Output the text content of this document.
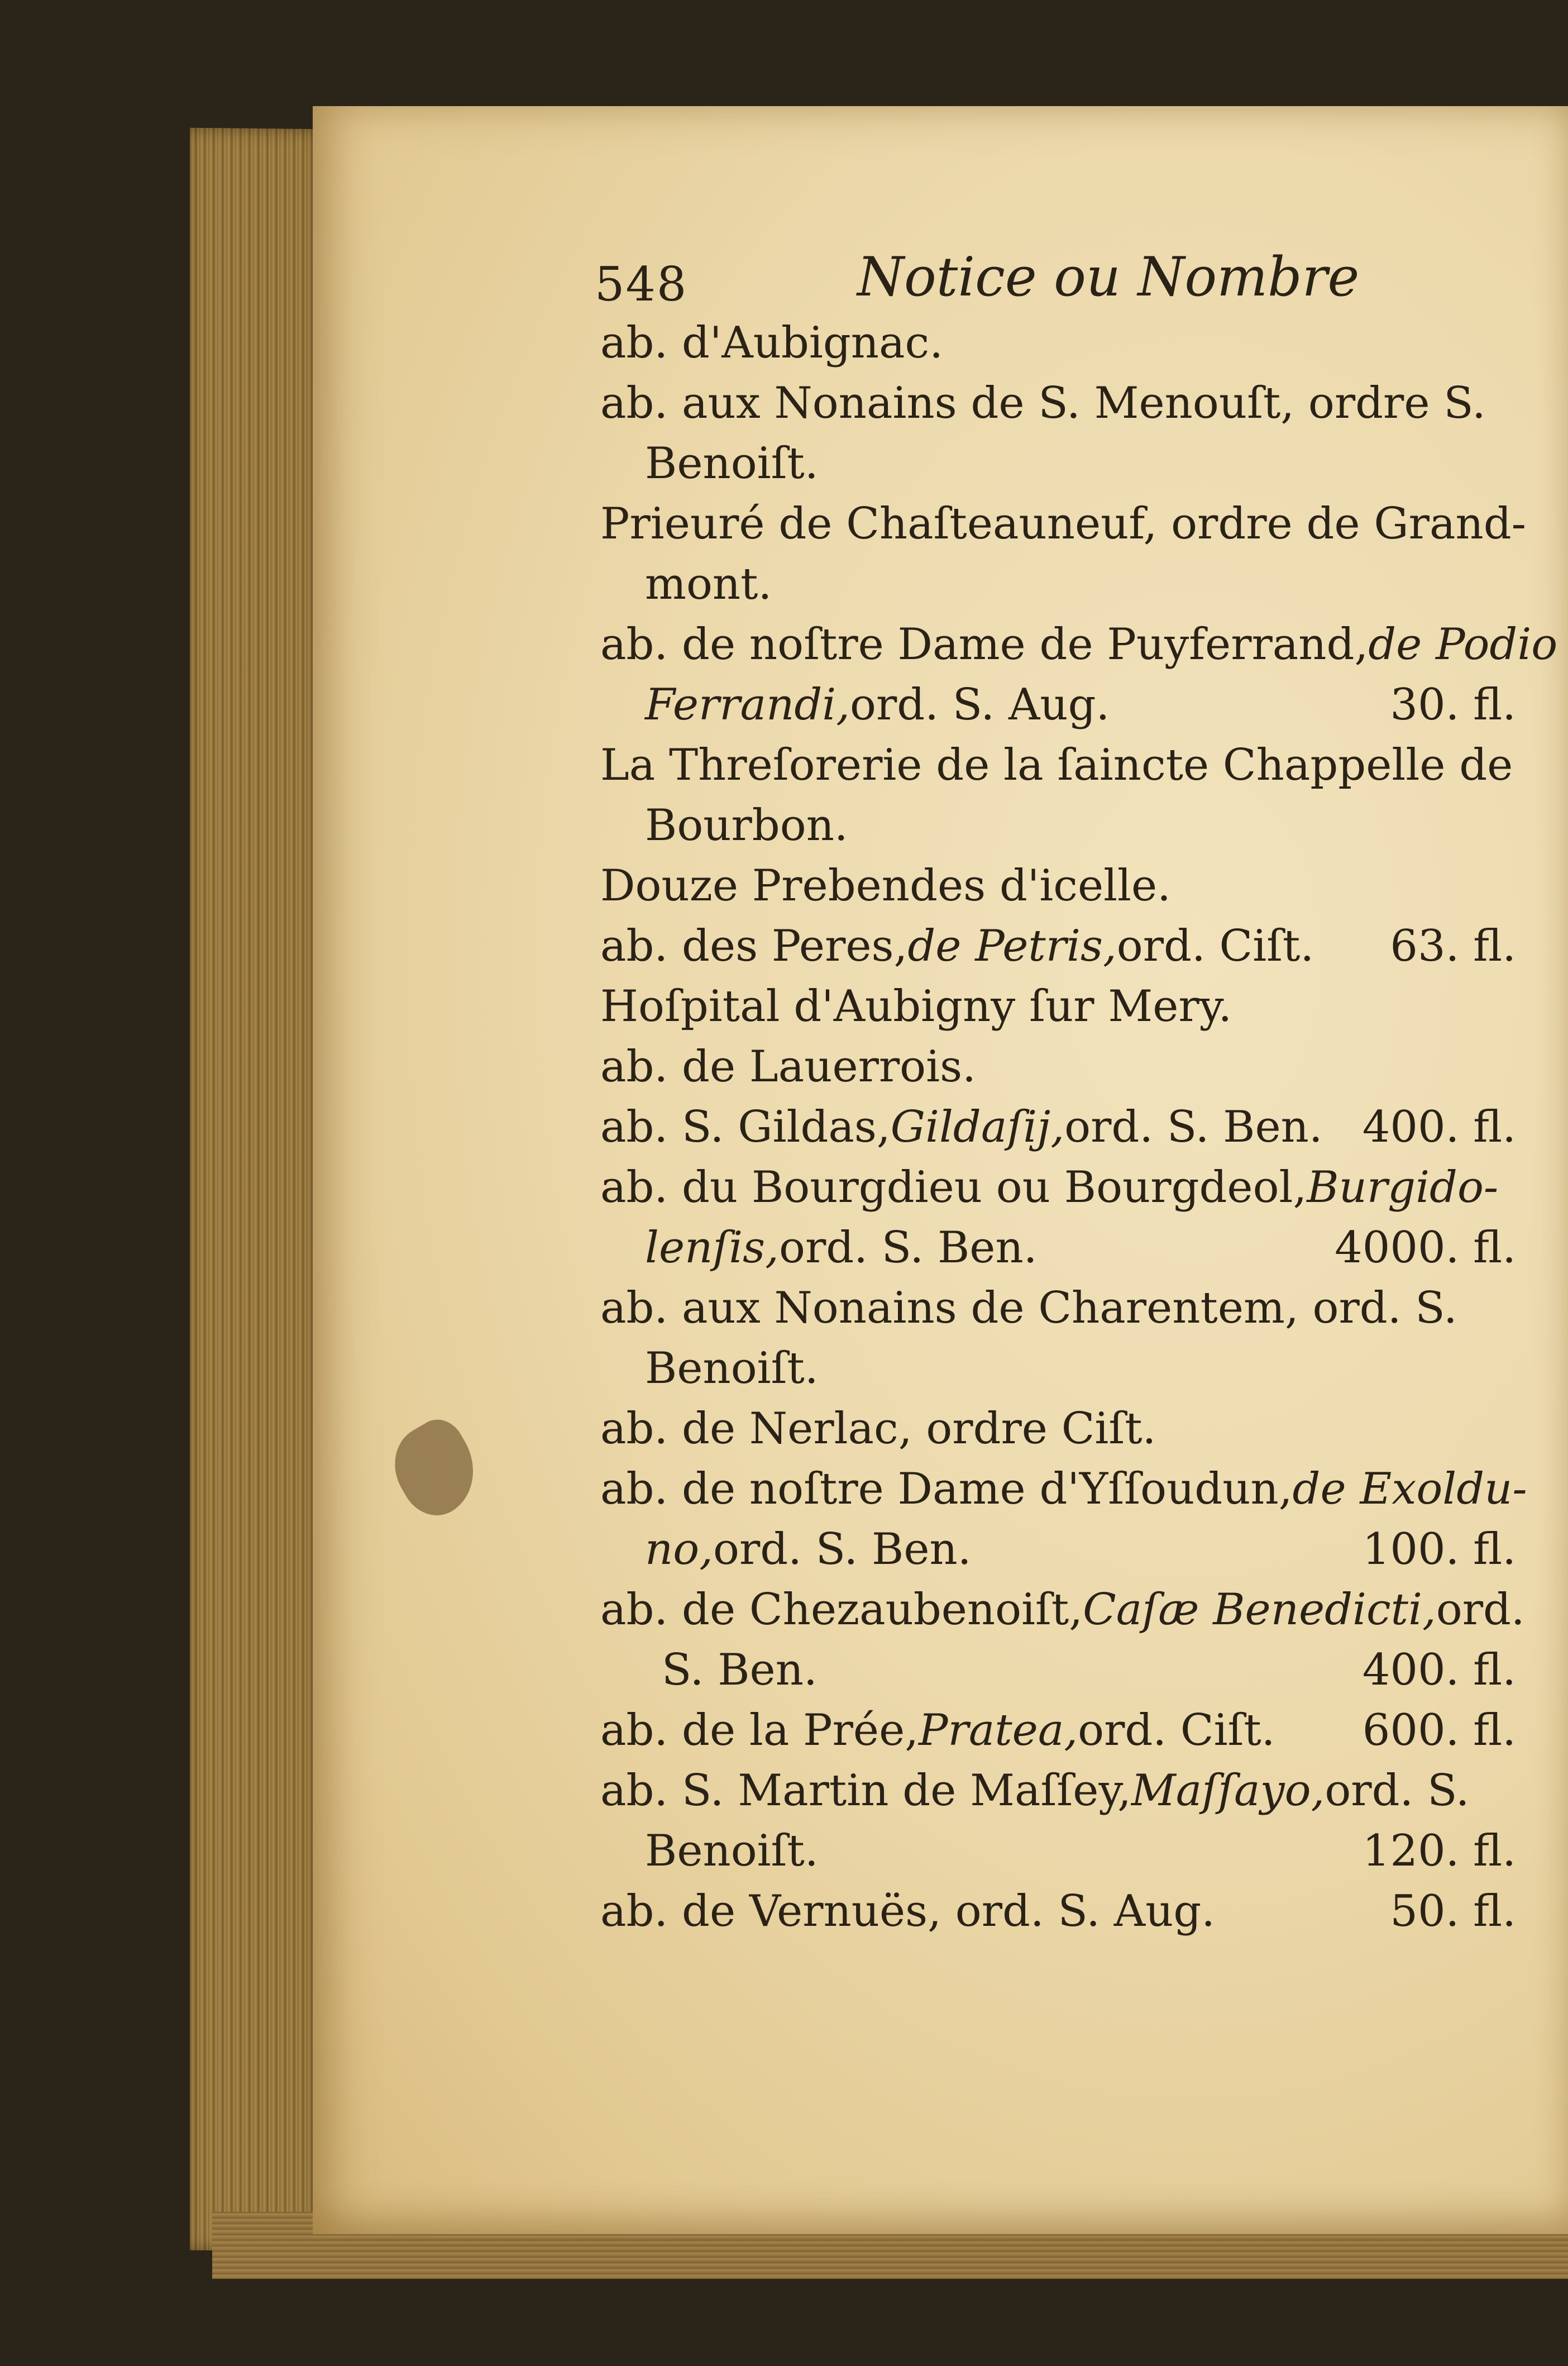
548	Notice ou Nombre
ab. d'Aubignac.
ab. aux Nonains de S. Menouſt, ordre S.
Benoiſt.
Prieuré de Chaſteauneuf, ordre de Grand-
mont.
ab. de noſtre Dame de Puyferrand, de Podio
Ferrandi, ord. S. Aug.	30. fl.
La Threſorerie de la ſaincte Chappelle de
Bourbon.
Douze Prebendes d'icelle.
ab. des Peres, de Petris, ord. Ciſt. 63. fl.
Hoſpital d'Aubigny ſur Mery.
ab. de Lauerrois.
ab. S. Gildas, Gildaſij, ord. S. Ben. 400. fl.
ab. du Bourgdieu ou Bourgdeol, Burgido-
lenſis, ord. S. Ben.	4000. fl.
ab. aux Nonains de Charentem, ord. S.
Benoiſt.
ab. de Nerlac, ordre Ciſt.
ab. de noſtre Dame d'Yſſoudun, de Exoldu-
no, ord. S. Ben.	100. fl.
ab. de Chezaubenoiſt, Caſæ Benedicti, ord.
S. Ben.	400. fl.
ab. de la Prée, Pratea, ord. Ciſt. 600. fl.
ab. S. Martin de Maſſey, Maſſayo, ord. S.
Benoiſt.	120. fl.
ab. de Vernuës, ord. S. Aug.	50. fl.
